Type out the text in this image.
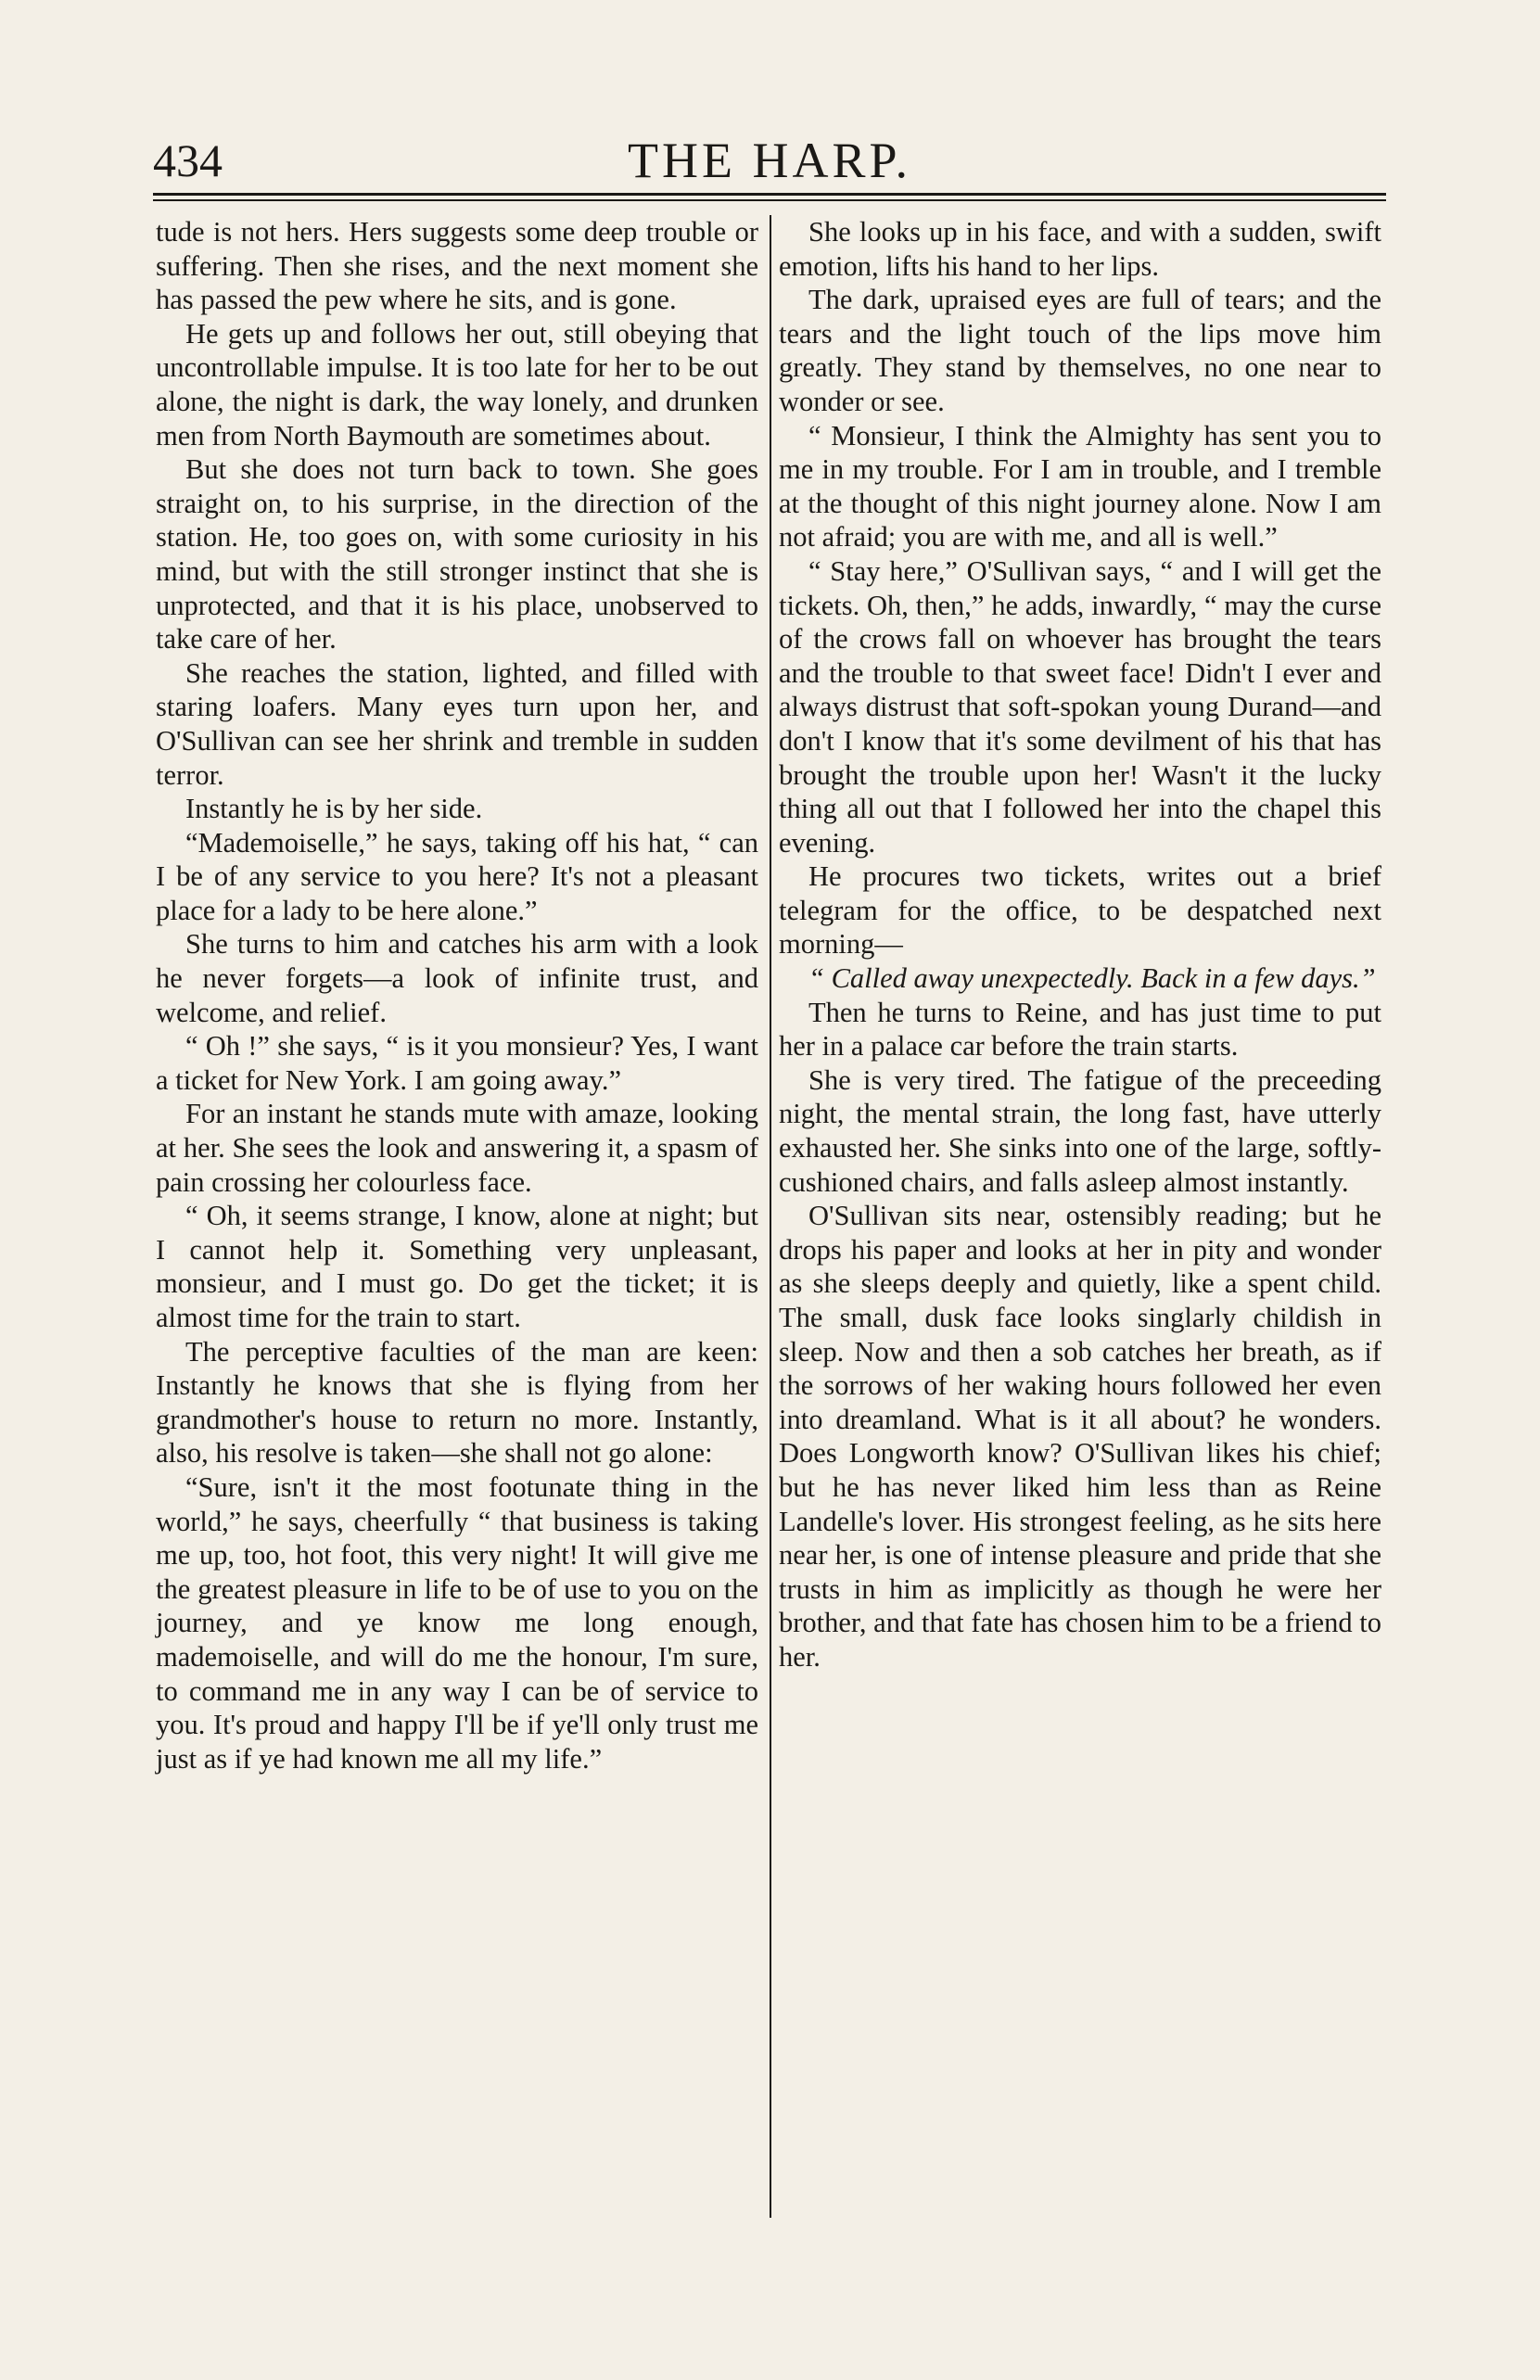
434	THE HARP.

tude is not hers. Hers suggests some deep trouble or suffering. Then she rises, and the next moment she has passed the pew where he sits, and is gone.

He gets up and follows her out, still obeying that uncontrollable impulse. It is too late for her to be out alone, the night is dark, the way lonely, and drunken men from North Baymouth are sometimes about.

But she does not turn back to town. She goes straight on, to his surprise, in the direction of the station. He, too goes on, with some curiosity in his mind, but with the still stronger instinct that she is unprotected, and that it is his place, unobserved to take care of her.

She reaches the station, lighted, and filled with staring loafers. Many eyes turn upon her, and O'Sullivan can see her shrink and tremble in sudden terror.

Instantly he is by her side.

“Mademoiselle,” he says, taking off his hat, “ can I be of any service to you here? It's not a pleasant place for a lady to be here alone.”

She turns to him and catches his arm with a look he never forgets—a look of infinite trust, and welcome, and relief.

“ Oh !” she says, “ is it you monsieur? Yes, I want a ticket for New York. I am going away.”

For an instant he stands mute with amaze, looking at her. She sees the look and answering it, a spasm of pain crossing her colourless face.

“ Oh, it seems strange, I know, alone at night; but I cannot help it. Something very unpleasant, monsieur, and I must go. Do get the ticket; it is almost time for the train to start.

The perceptive faculties of the man are keen: Instantly he knows that she is flying from her grandmother's house to return no more. Instantly, also, his resolve is taken—she shall not go alone:

“Sure, isn't it the most footunate thing in the world,” he says, cheerfully “ that business is taking me up, too, hot foot, this very night! It will give me the greatest pleasure in life to be of use to you on the journey, and ye know me long enough, mademoiselle, and will do me the honour, I'm sure, to command me in any way I can be of service to you. It's proud and happy I'll be if ye'll only trust me just as if ye had known me all my life.”

She looks up in his face, and with a sudden, swift emotion, lifts his hand to her lips.

The dark, upraised eyes are full of tears; and the tears and the light touch of the lips move him greatly. They stand by themselves, no one near to wonder or see.

“ Monsieur, I think the Almighty has sent you to me in my trouble. For I am in trouble, and I tremble at the thought of this night journey alone. Now I am not afraid; you are with me, and all is well.”

“ Stay here,” O'Sullivan says, “ and I will get the tickets. Oh, then,” he adds, inwardly, “ may the curse of the crows fall on whoever has brought the tears and the trouble to that sweet face! Didn't I ever and always distrust that soft-spokan young Durand—and don't I know that it's some devilment of his that has brought the trouble upon her! Wasn't it the lucky thing all out that I followed her into the chapel this evening.

He procures two tickets, writes out a brief telegram for the office, to be despatched next morning—

“ Called away unexpectedly. Back in a few days.”

Then he turns to Reine, and has just time to put her in a palace car before the train starts.

She is very tired. The fatigue of the preceeding night, the mental strain, the long fast, have utterly exhausted her. She sinks into one of the large, softly-cushioned chairs, and falls asleep almost instantly.

O'Sullivan sits near, ostensibly reading; but he drops his paper and looks at her in pity and wonder as she sleeps deeply and quietly, like a spent child. The small, dusk face looks singlarly childish in sleep. Now and then a sob catches her breath, as if the sorrows of her waking hours followed her even into dreamland. What is it all about? he wonders. Does Longworth know? O'Sullivan likes his chief; but he has never liked him less than as Reine Landelle's lover. His strongest feeling, as he sits here near her, is one of intense pleasure and pride that she trusts in him as implicitly as though he were her brother, and that fate has chosen him to be a friend to her.
